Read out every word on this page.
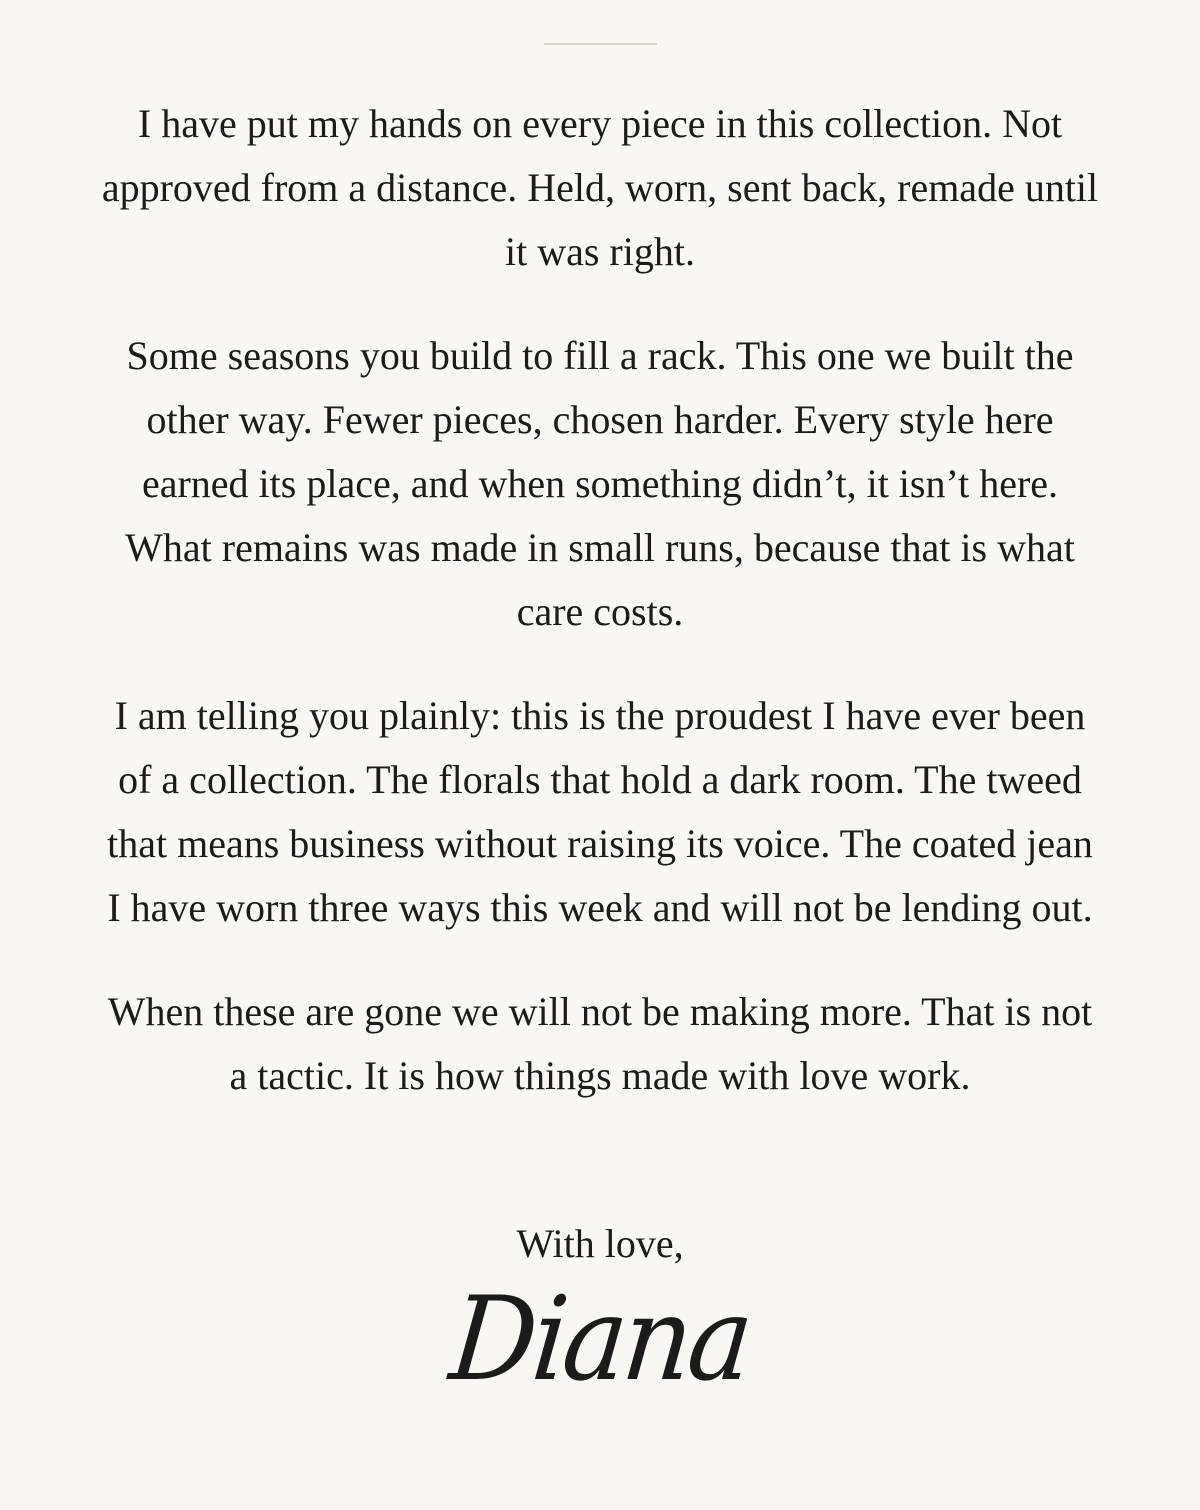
I have put my hands on every piece in this collection. Not approved from a distance. Held, worn, sent back, remade until it was right.

Some seasons you build to fill a rack. This one we built the other way. Fewer pieces, chosen harder. Every style here earned its place, and when something didn’t, it isn’t here. What remains was made in small runs, because that is what care costs.

I am telling you plainly: this is the proudest I have ever been of a collection. The florals that hold a dark room. The tweed that means business without raising its voice. The coated jean I have worn three ways this week and will not be lending out.

When these are gone we will not be making more. That is not a tactic. It is how things made with love work.

With love,
Diana
